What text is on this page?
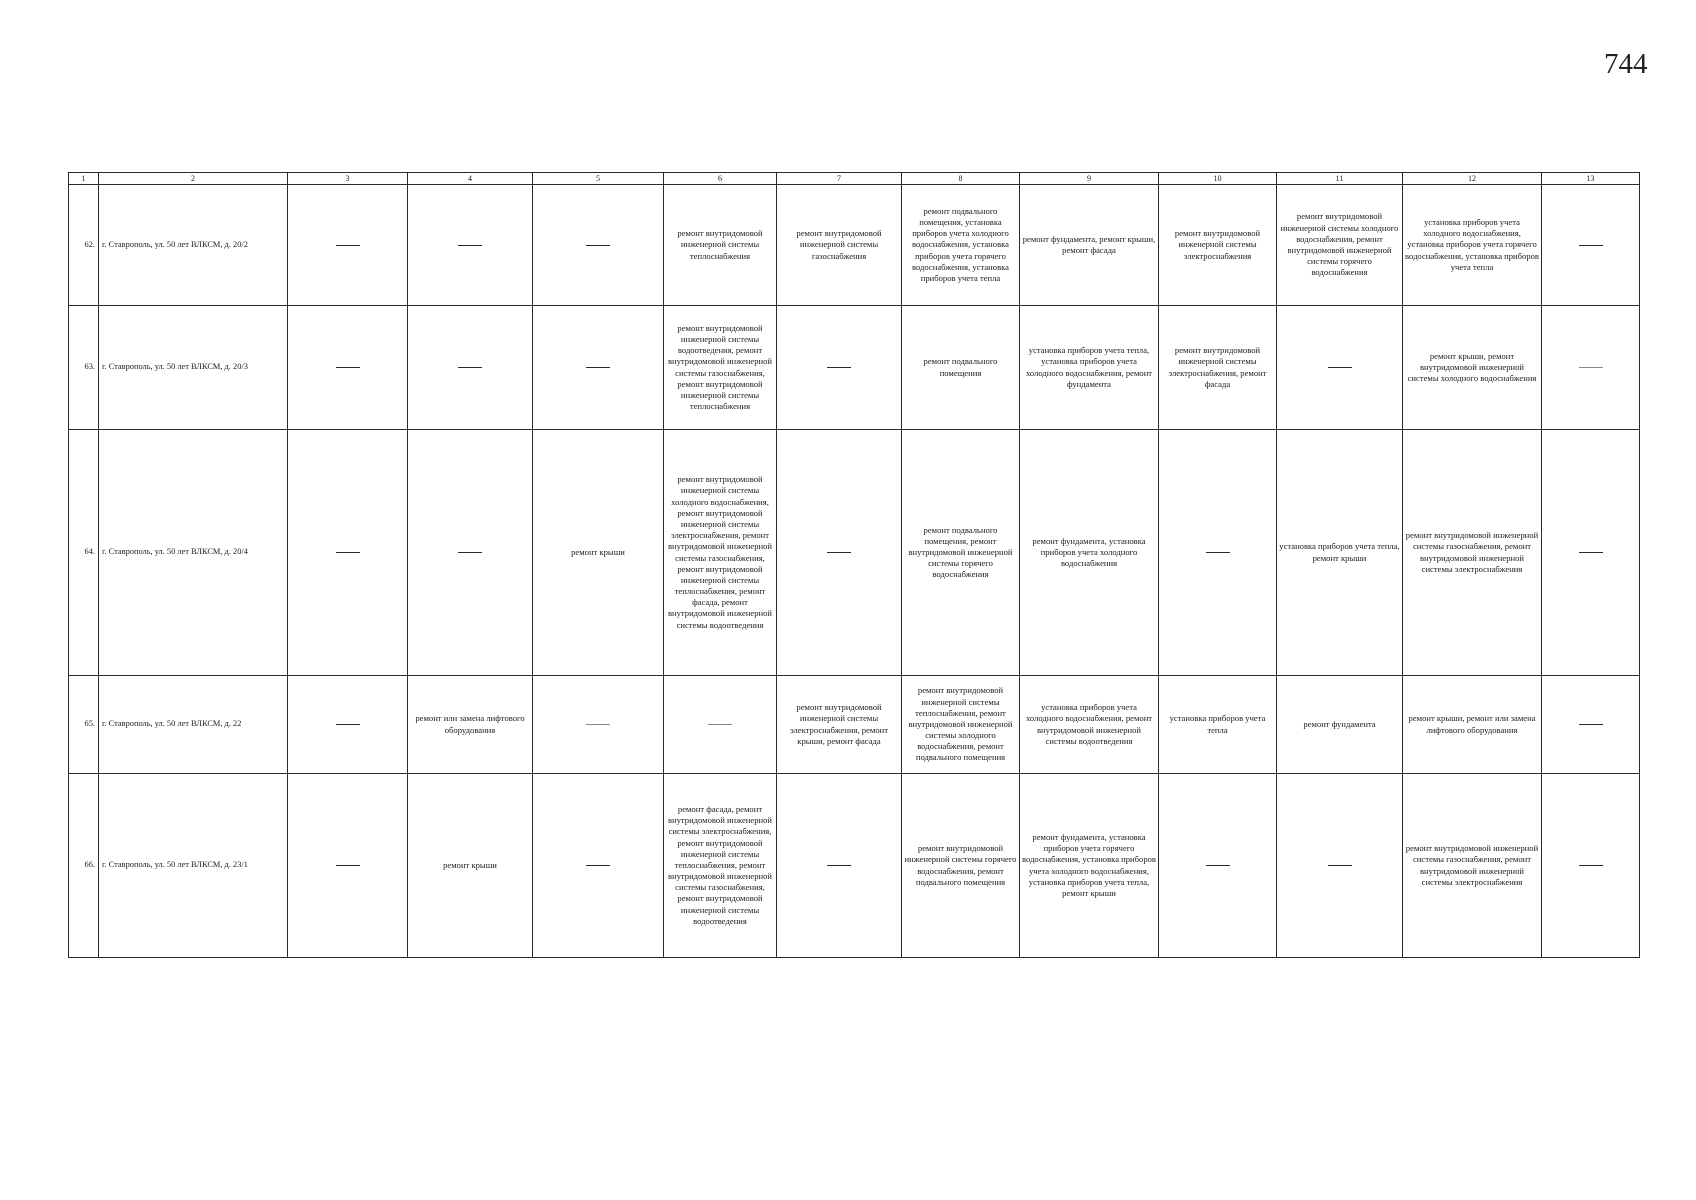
744
1	2	3	4	5	6	7	8	9	10	11	12	13
62.	г. Ставрополь, ул. 50 лет ВЛКСМ, д. 20/2				ремонт внутридомовой инженерной системы теплоснабжения	ремонт внутридомовой инженерной системы газоснабжения	ремонт подвального помещения, установка приборов учета холодного водоснабжения, установка приборов учета горячего водоснабжения, установка приборов учета тепла	ремонт фундамента, ремонт крыши, ремонт фасада	ремонт внутридомовой инженерной системы электроснабжения	ремонт внутридомовой инженерной системы холодного водоснабжения, ремонт внутридомовой инженерной системы горячего водоснабжения	установка приборов учета холодного водоснабжения, установка приборов учета горячего водоснабжения, установка приборов учета тепла	
63.	г. Ставрополь, ул. 50 лет ВЛКСМ, д. 20/3				ремонт внутридомовой инженерной системы водоотведения, ремонт внутридомовой инженерной системы газоснабжения, ремонт внутридомовой инженерной системы теплоснабжения		ремонт подвального помещения	установка приборов учета тепла, установка приборов учета холодного водоснабжения, ремонт фундамента	ремонт внутридомовой инженерной системы электроснабжения, ремонт фасада		ремонт крыши, ремонт внутридомовой инженерной системы холодного водоснабжения	
64.	г. Ставрополь, ул. 50 лет ВЛКСМ, д. 20/4			ремонт крыши	ремонт внутридомовой инженерной системы холодного водоснабжения, ремонт внутридомовой инженерной системы электроснабжения, ремонт внутридомовой инженерной системы газоснабжения, ремонт внутридомовой инженерной системы теплоснабжения, ремонт фасада, ремонт внутридомовой инженерной системы водоотведения		ремонт подвального помещения, ремонт внутридомовой инженерной системы горячего водоснабжения	ремонт фундамента, установка приборов учета холодного водоснабжения		установка приборов учета тепла, ремонт крыши	ремонт внутридомовой инженерной системы газоснабжения, ремонт внутридомовой инженерной системы электроснабжения	
65.	г. Ставрополь, ул. 50 лет ВЛКСМ, д. 22		ремонт или замена лифтового оборудования			ремонт внутридомовой инженерной системы электроснабжения, ремонт крыши, ремонт фасада	ремонт внутридомовой инженерной системы теплоснабжения, ремонт внутридомовой инженерной системы холодного водоснабжения, ремонт подвального помещения	установка приборов учета холодного водоснабжения, ремонт внутридомовой инженерной системы водоотведения	установка приборов учета тепла	ремонт фундамента	ремонт крыши, ремонт или замена лифтового оборудования	
66.	г. Ставрополь, ул. 50 лет ВЛКСМ, д. 23/1		ремонт крыши		ремонт фасада, ремонт внутридомовой инженерной системы электроснабжения, ремонт внутридомовой инженерной системы теплоснабжения, ремонт внутридомовой инженерной системы газоснабжения, ремонт внутридомовой инженерной системы водоотведения		ремонт внутридомовой инженерной системы горячего водоснабжения, ремонт подвального помещения	ремонт фундамента, установка приборов учета горячего водоснабжения, установка приборов учета холодного водоснабжения, установка приборов учета тепла, ремонт крыши			ремонт внутридомовой инженерной системы газоснабжения, ремонт внутридомовой инженерной системы электроснабжения	
